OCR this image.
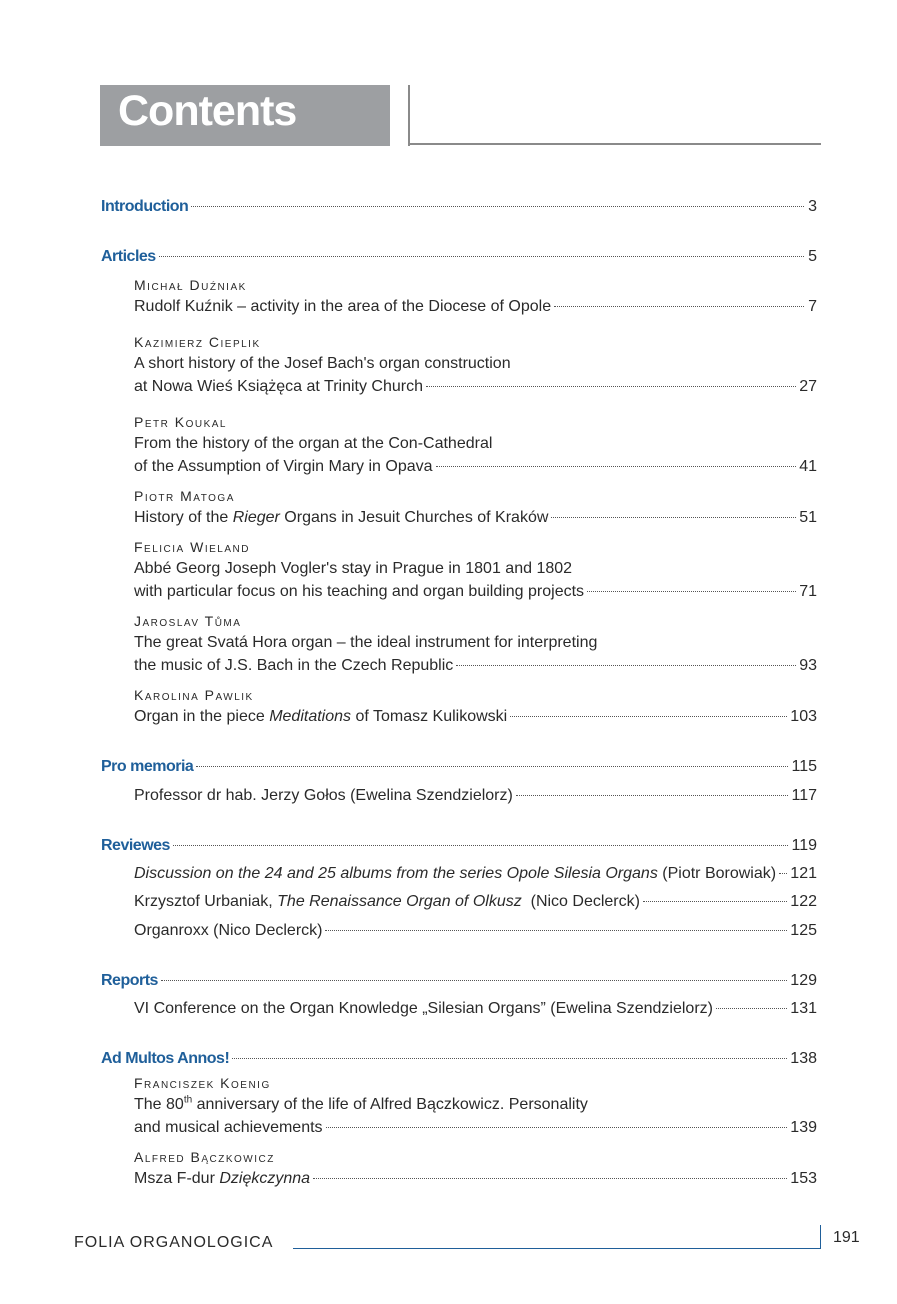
Contents
Introduction	3
Articles	5
Michał Duźniak
Rudolf Kuźnik – activity in the area of the Diocese of Opole	7
Kazimierz Cieplik
A short history of the Josef Bach's organ construction
at Nowa Wieś Książęca at Trinity Church	27
Petr Koukal
From the history of the organ at the Con-Cathedral
of the Assumption of Virgin Mary in Opava	41
Piotr Matoga
History of the Rieger Organs in Jesuit Churches of Kraków	51
Felicia Wieland
Abbé Georg Joseph Vogler's stay in Prague in 1801 and 1802
with particular focus on his teaching and organ building projects	71
Jaroslav Tůma
The great Svatá Hora organ – the ideal instrument for interpreting
the music of J.S. Bach in the Czech Republic	93
Karolina Pawlik
Organ in the piece Meditations of Tomasz Kulikowski	103
Pro memoria	115
Professor dr hab. Jerzy Gołos (Ewelina Szendzielorz)	117
Reviewes	119
Discussion on the 24 and 25 albums from the series Opole Silesia Organs (Piotr Borowiak) 121
Krzysztof Urbaniak, The Renaissance Organ of Olkusz  (Nico Declerck)	122
Organroxx (Nico Declerck)	125
Reports	129
VI Conference on the Organ Knowledge „Silesian Organs” (Ewelina Szendzielorz)	131
Ad Multos Annos!	138
Franciszek Koenig
The 80th anniversary of the life of Alfred Bączkowicz. Personality
and musical achievements	139
Alfred Bączkowicz
Msza F-dur Dziękczynna	153
FOLIA ORGANOLOGICA	191
